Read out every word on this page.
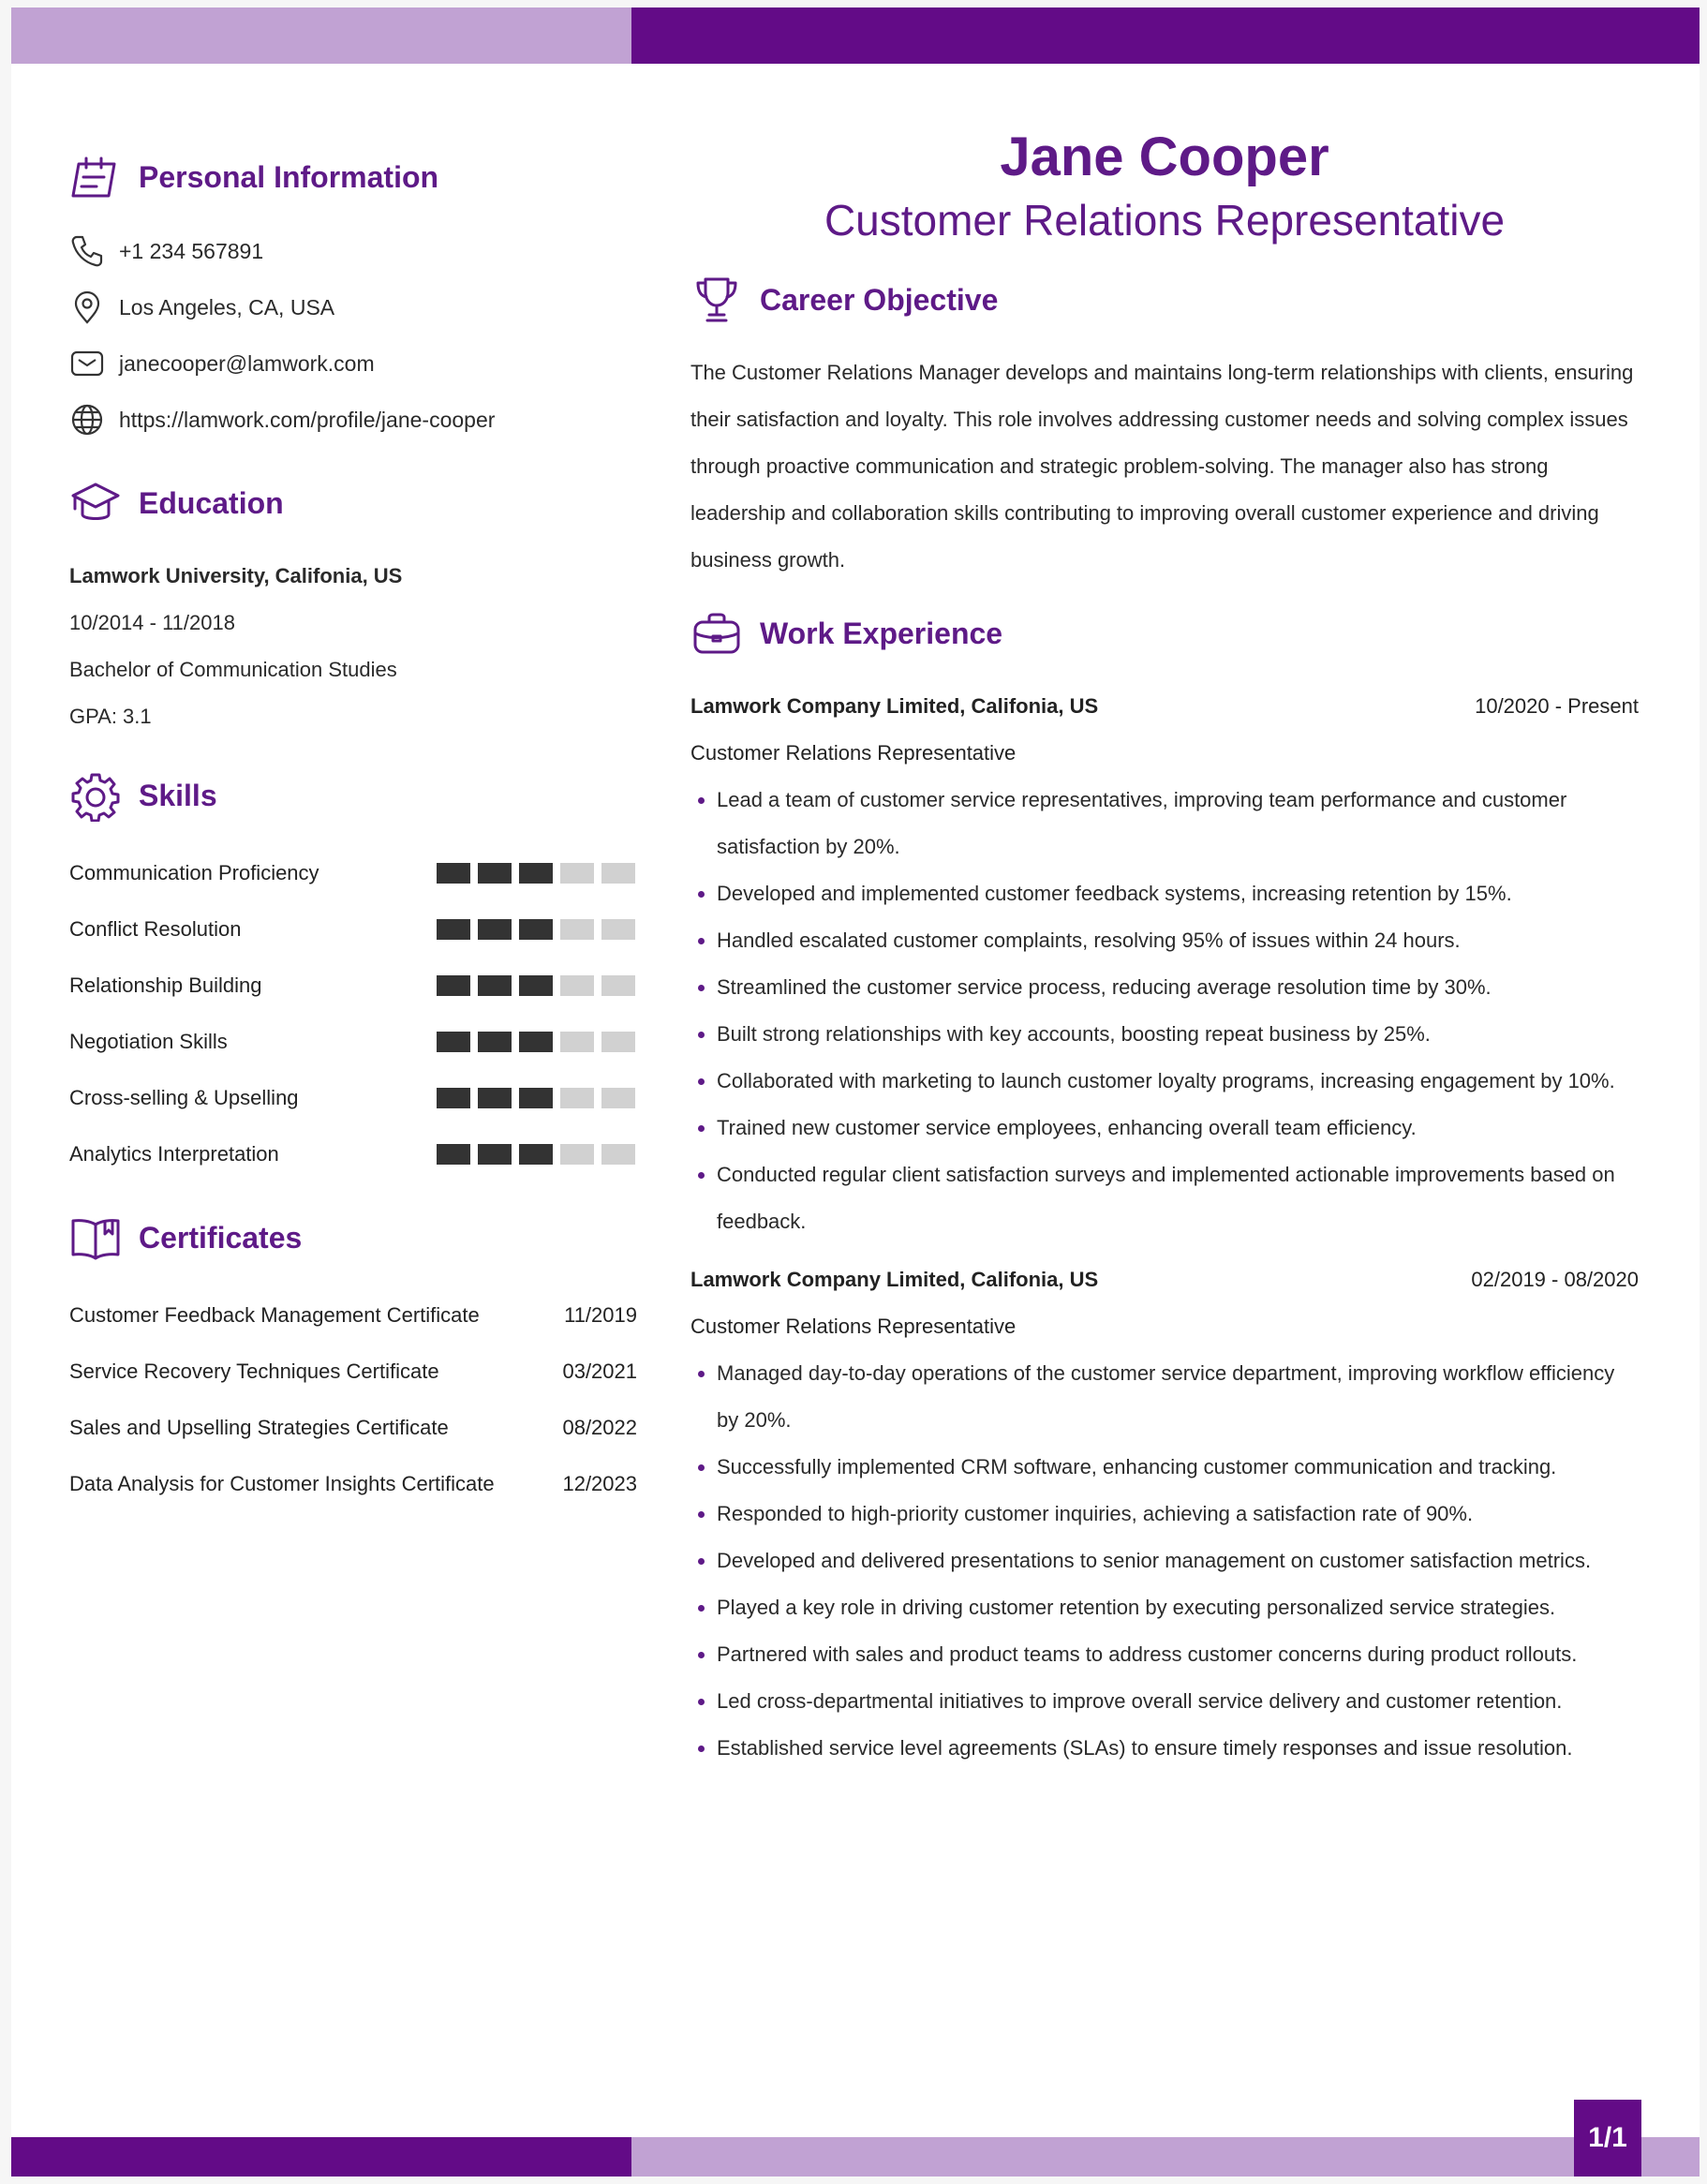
Personal Information
+1 234 567891
Los Angeles, CA, USA
janecooper@lamwork.com
https://lamwork.com/profile/jane-cooper
Education
Lamwork University, Califonia, US
10/2014 - 11/2018
Bachelor of Communication Studies
GPA: 3.1
Skills
Communication Proficiency
Conflict Resolution
Relationship Building
Negotiation Skills
Cross-selling & Upselling
Analytics Interpretation
Certificates
Customer Feedback Management Certificate	11/2019
Service Recovery Techniques Certificate	03/2021
Sales and Upselling Strategies Certificate	08/2022
Data Analysis for Customer Insights Certificate	12/2023
Jane Cooper
Customer Relations Representative
Career Objective
The Customer Relations Manager develops and maintains long-term relationships with clients, ensuring their satisfaction and loyalty. This role involves addressing customer needs and solving complex issues through proactive communication and strategic problem-solving. The manager also has strong leadership and collaboration skills contributing to improving overall customer experience and driving business growth.
Work Experience
Lamwork Company Limited, Califonia, US	10/2020 - Present
Customer Relations Representative
• Lead a team of customer service representatives, improving team performance and customer satisfaction by 20%.
• Developed and implemented customer feedback systems, increasing retention by 15%.
• Handled escalated customer complaints, resolving 95% of issues within 24 hours.
• Streamlined the customer service process, reducing average resolution time by 30%.
• Built strong relationships with key accounts, boosting repeat business by 25%.
• Collaborated with marketing to launch customer loyalty programs, increasing engagement by 10%.
• Trained new customer service employees, enhancing overall team efficiency.
• Conducted regular client satisfaction surveys and implemented actionable improvements based on feedback.
Lamwork Company Limited, Califonia, US	02/2019 - 08/2020
Customer Relations Representative
• Managed day-to-day operations of the customer service department, improving workflow efficiency by 20%.
• Successfully implemented CRM software, enhancing customer communication and tracking.
• Responded to high-priority customer inquiries, achieving a satisfaction rate of 90%.
• Developed and delivered presentations to senior management on customer satisfaction metrics.
• Played a key role in driving customer retention by executing personalized service strategies.
• Partnered with sales and product teams to address customer concerns during product rollouts.
• Led cross-departmental initiatives to improve overall service delivery and customer retention.
• Established service level agreements (SLAs) to ensure timely responses and issue resolution.
1/1
